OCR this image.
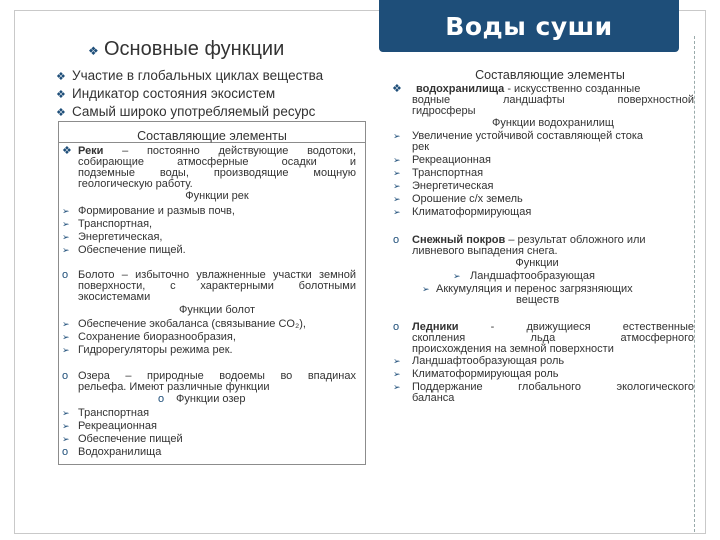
Воды суши
❖ Основные функции
❖ Участие в глобальных циклах вещества
❖ Индикатор состояния экосистем
❖ Самый широко употребляемый ресурс
Составляющие элементы
❖ Реки – постоянно действующие водотоки,
собирающие атмосферные осадки и
подземные воды, производящие мощную
геологическую работу.
Функции рек
➢ Формирование и размыв почв,
➢ Транспортная,
➢ Энергетическая,
➢ Обеспечение пищей.
o Болото – избыточно увлажненные участки земной
поверхности, с характерными болотными
экосистемами
Функции болот
➢ Обеспечение экобаланса (связывание CO₂),
➢ Сохранение биоразнообразия,
➢ Гидрорегуляторы режима рек.
o Озера – природные водоемы во впадинах
рельефа. Имеют различные функции
o Функции озер
➢ Транспортная
➢ Рекреационная
➢ Обеспечение пищей
o Водохранилища
Составляющие элементы
❖	водохранилища - искусственно созданные
водные ландшафты поверхностной
гидросферы
Функции водохранилищ
➢ Увеличение устойчивой составляющей стока
рек
➢ Рекреационная
➢ Транспортная
➢ Энергетическая
➢ Орошение с/х земель
➢ Климатоформирующая
o Снежный покров – результат обложного или
ливневого выпадения снега.
Функции
➢ Ландшафтообразующая
➢ Аккумуляция и перенос загрязняющих
веществ
o Ледники	- движущиеся естественные
скопления льда атмосферного
происхождения на земной поверхности
➢ Ландшафтообразующая роль
➢ Климатоформирующая роль
➢ Поддержание глобального экологического
баланса
